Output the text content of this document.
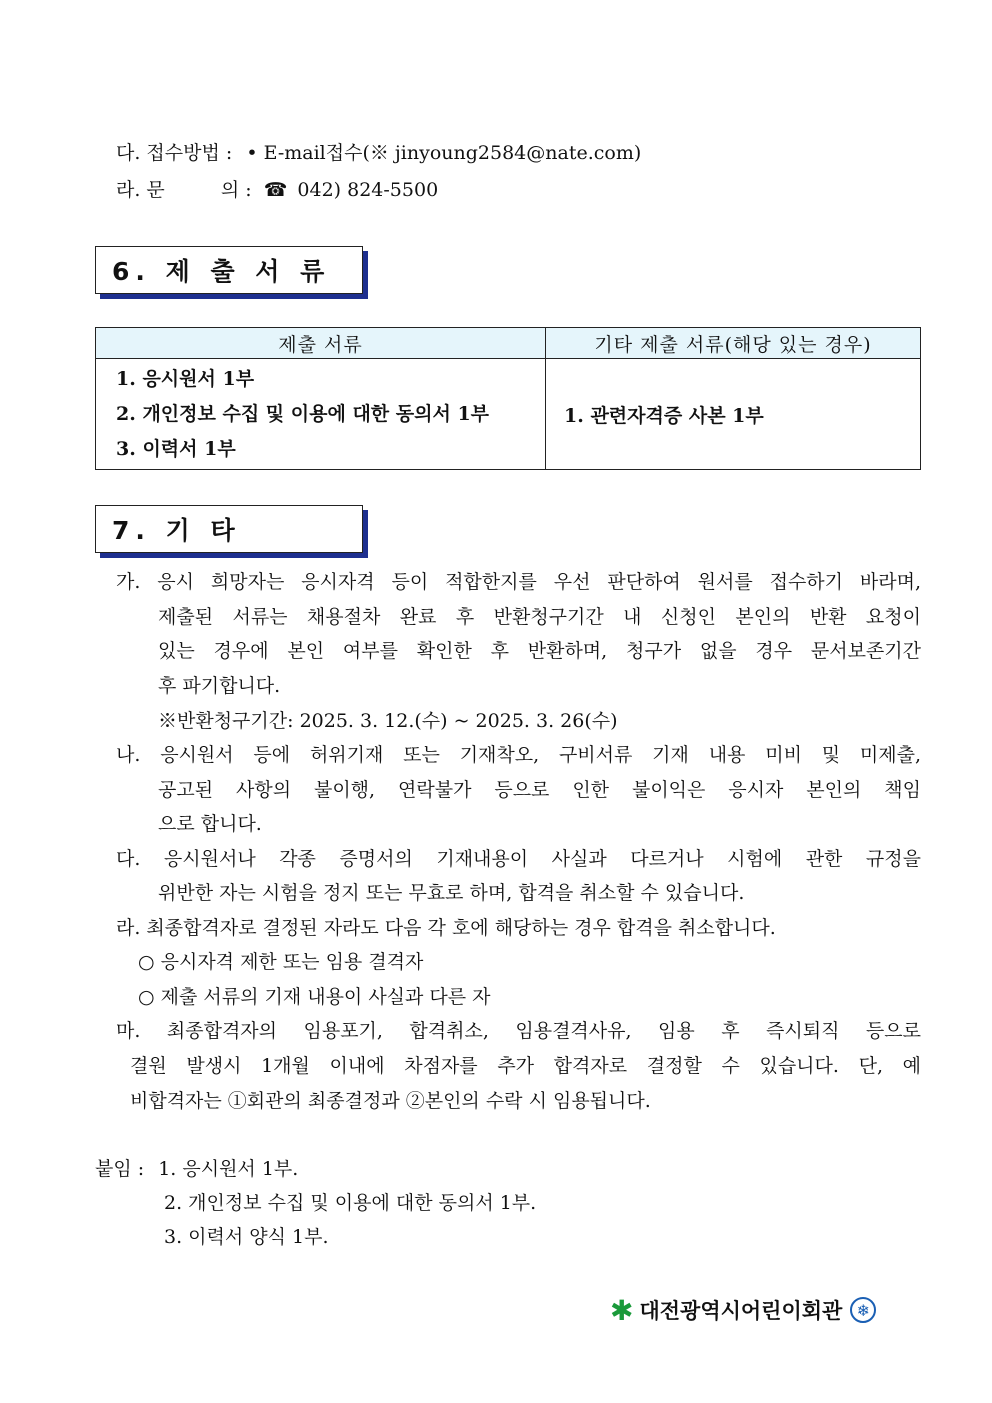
다. 접수방법 : • E-mail접수(※ jinyoung2584@nate.com)
라. 문	의 : ☎ 042) 824-5500
6. 제 출 서 류
제출 서류	기타 제출 서류(해당 있는 경우)

1. 응시원서 1부
2. 개인정보 수집 및 이용에 대한 동의서 1부
3. 이력서 1부	1. 관련자격증 사본 1부
7. 기 타
가. 응시 희망자는 응시자격 등이 적합한지를 우선 판단하여 원서를 접수하기 바라며,
제출된 서류는 채용절차 완료 후 반환청구기간 내 신청인 본인의 반환 요청이
있는 경우에 본인 여부를 확인한 후 반환하며, 청구가 없을 경우 문서보존기간
후 파기합니다.
※반환청구기간: 2025. 3. 12.(수) ~ 2025. 3. 26(수)
나. 응시원서 등에 허위기재 또는 기재착오, 구비서류 기재 내용 미비 및 미제출,
공고된 사항의 불이행, 연락불가 등으로 인한 불이익은 응시자 본인의 책임
으로 합니다.
다. 응시원서나 각종 증명서의 기재내용이 사실과 다르거나 시험에 관한 규정을
위반한 자는 시험을 정지 또는 무효로 하며, 합격을 취소할 수 있습니다.
라. 최종합격자로 결정된 자라도 다음 각 호에 해당하는 경우 합격을 취소합니다.
○ 응시자격 제한 또는 임용 결격자
○ 제출 서류의 기재 내용이 사실과 다른 자
마. 최종합격자의 임용포기, 합격취소, 임용결격사유, 임용 후 즉시퇴직 등으로
결원 발생시 1개월 이내에 차점자를 추가 합격자로 결정할 수 있습니다. 단, 예
비합격자는 ①회관의 최종결정과 ②본인의 수락 시 임용됩니다.
붙임 : 1. 응시원서 1부.
2. 개인정보 수집 및 이용에 대한 동의서 1부.
3. 이력서 양식 1부.
✱ 대전광역시어린이회관 ❄
